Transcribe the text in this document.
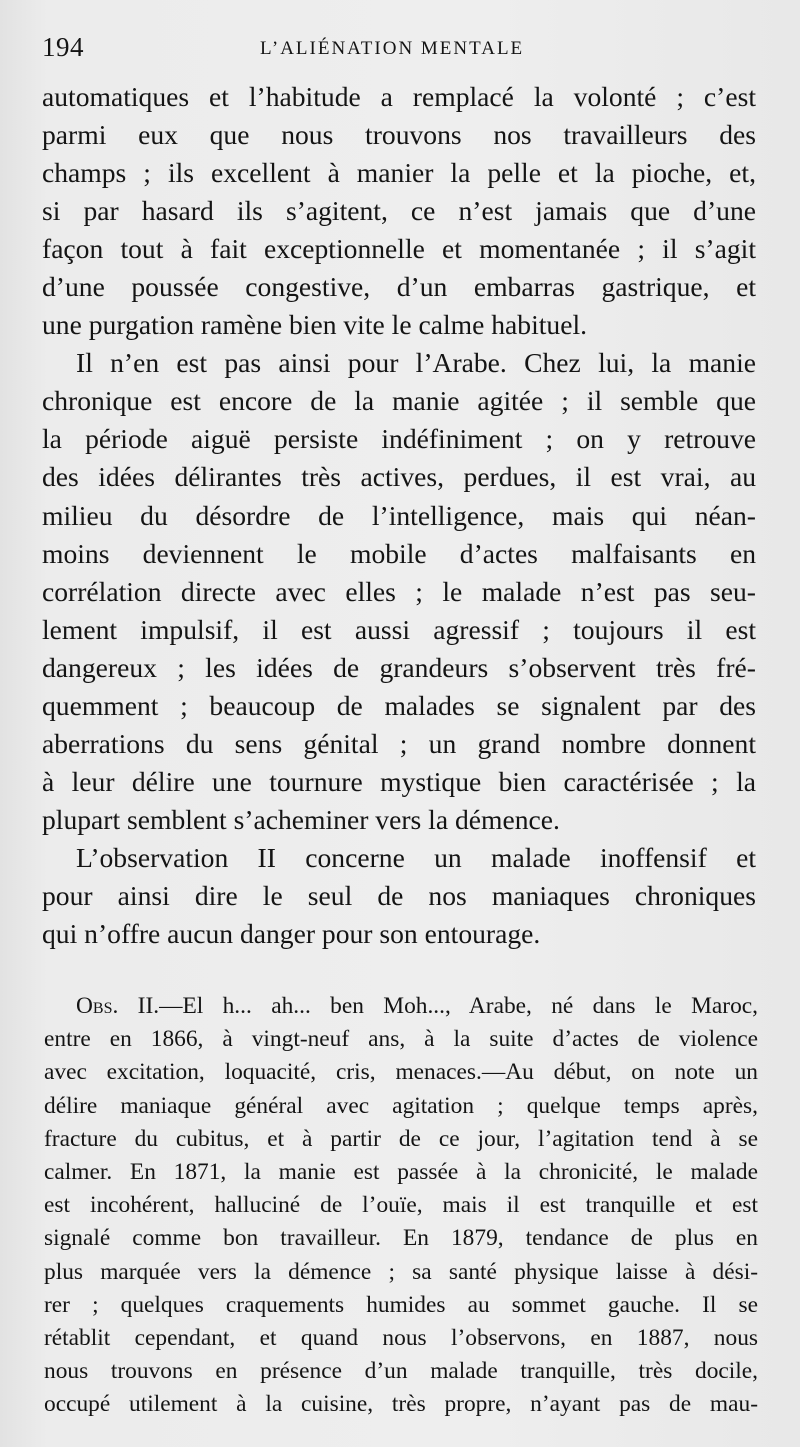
194	L’ALIÉNATION MENTALE

automatiques et l’habitude a remplacé la volonté ; c’est
parmi eux que nous trouvons nos travailleurs des
champs ; ils excellent à manier la pelle et la pioche, et,
si par hasard ils s’agitent, ce n’est jamais que d’une
façon tout à fait exceptionnelle et momentanée ; il s’agit
d’une poussée congestive, d’un embarras gastrique, et
une purgation ramène bien vite le calme habituel.

Il n’en est pas ainsi pour l’Arabe. Chez lui, la manie
chronique est encore de la manie agitée ; il semble que
la période aiguë persiste indéfiniment ; on y retrouve
des idées délirantes très actives, perdues, il est vrai, au
milieu du désordre de l’intelligence, mais qui néan-
moins deviennent le mobile d’actes malfaisants en
corrélation directe avec elles ; le malade n’est pas seu-
lement impulsif, il est aussi agressif ; toujours il est
dangereux ; les idées de grandeurs s’observent très fré-
quemment ; beaucoup de malades se signalent par des
aberrations du sens génital ; un grand nombre donnent
à leur délire une tournure mystique bien caractérisée ; la
plupart semblent s’acheminer vers la démence.

L’observation II concerne un malade inoffensif et
pour ainsi dire le seul de nos maniaques chroniques
qui n’offre aucun danger pour son entourage.

Obs. II.—El h... ah... ben Moh..., Arabe, né dans le Maroc,
entre en 1866, à vingt-neuf ans, à la suite d’actes de violence
avec excitation, loquacité, cris, menaces.—Au début, on note un
délire maniaque général avec agitation ; quelque temps après,
fracture du cubitus, et à partir de ce jour, l’agitation tend à se
calmer. En 1871, la manie est passée à la chronicité, le malade
est incohérent, halluciné de l’ouïe, mais il est tranquille et est
signalé comme bon travailleur. En 1879, tendance de plus en
plus marquée vers la démence ; sa santé physique laisse à dési-
rer ; quelques craquements humides au sommet gauche. Il se
rétablit cependant, et quand nous l’observons, en 1887, nous
nous trouvons en présence d’un malade tranquille, très docile,
occupé utilement à la cuisine, très propre, n’ayant pas de mau-
